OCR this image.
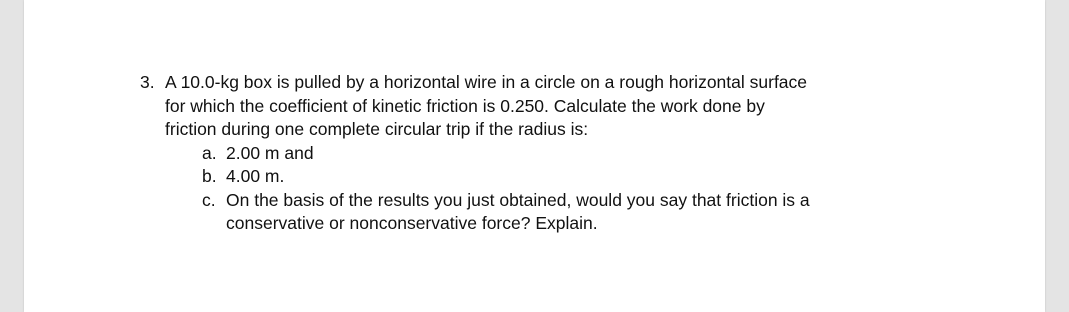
3. A 10.0-kg box is pulled by a horizontal wire in a circle on a rough horizontal surface
for which the coefficient of kinetic friction is 0.250. Calculate the work done by
friction during one complete circular trip if the radius is:
a. 2.00 m and
b. 4.00 m.
c. On the basis of the results you just obtained, would you say that friction is a
conservative or nonconservative force? Explain.
